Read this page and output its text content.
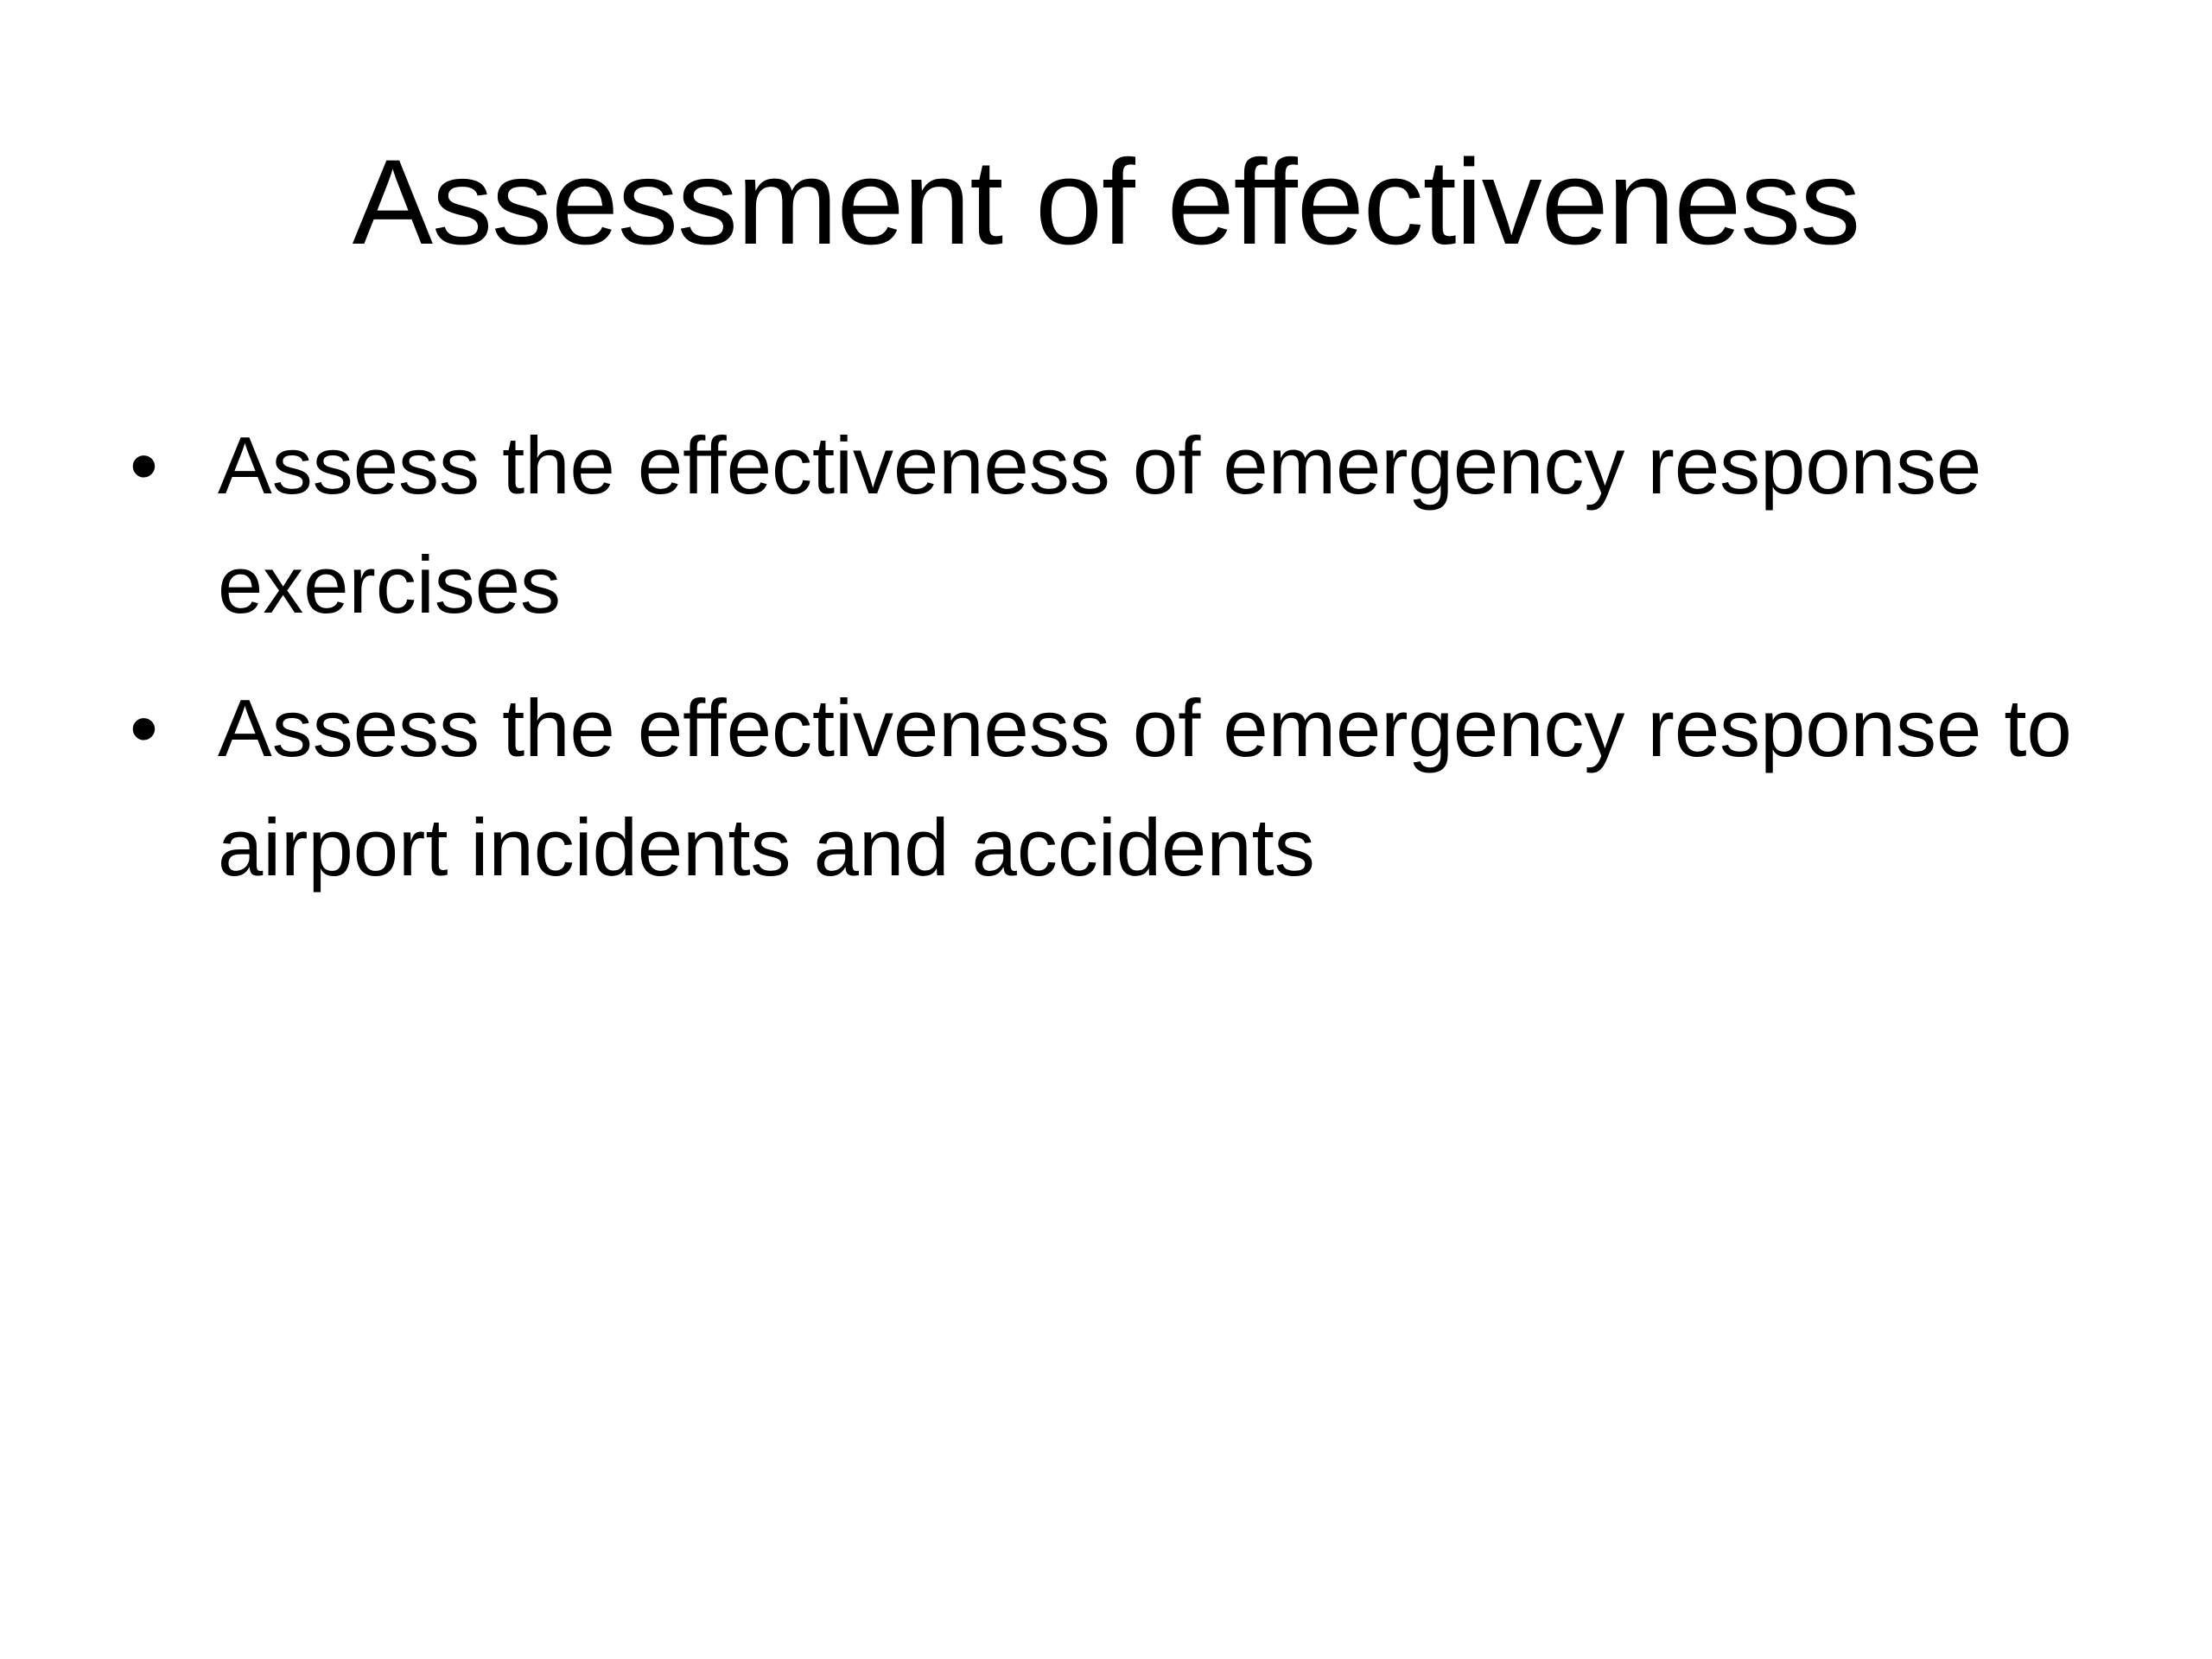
Assessment of effectiveness
• Assess the effectiveness of emergency response exercises
• Assess the effectiveness of emergency response to airport incidents and accidents
